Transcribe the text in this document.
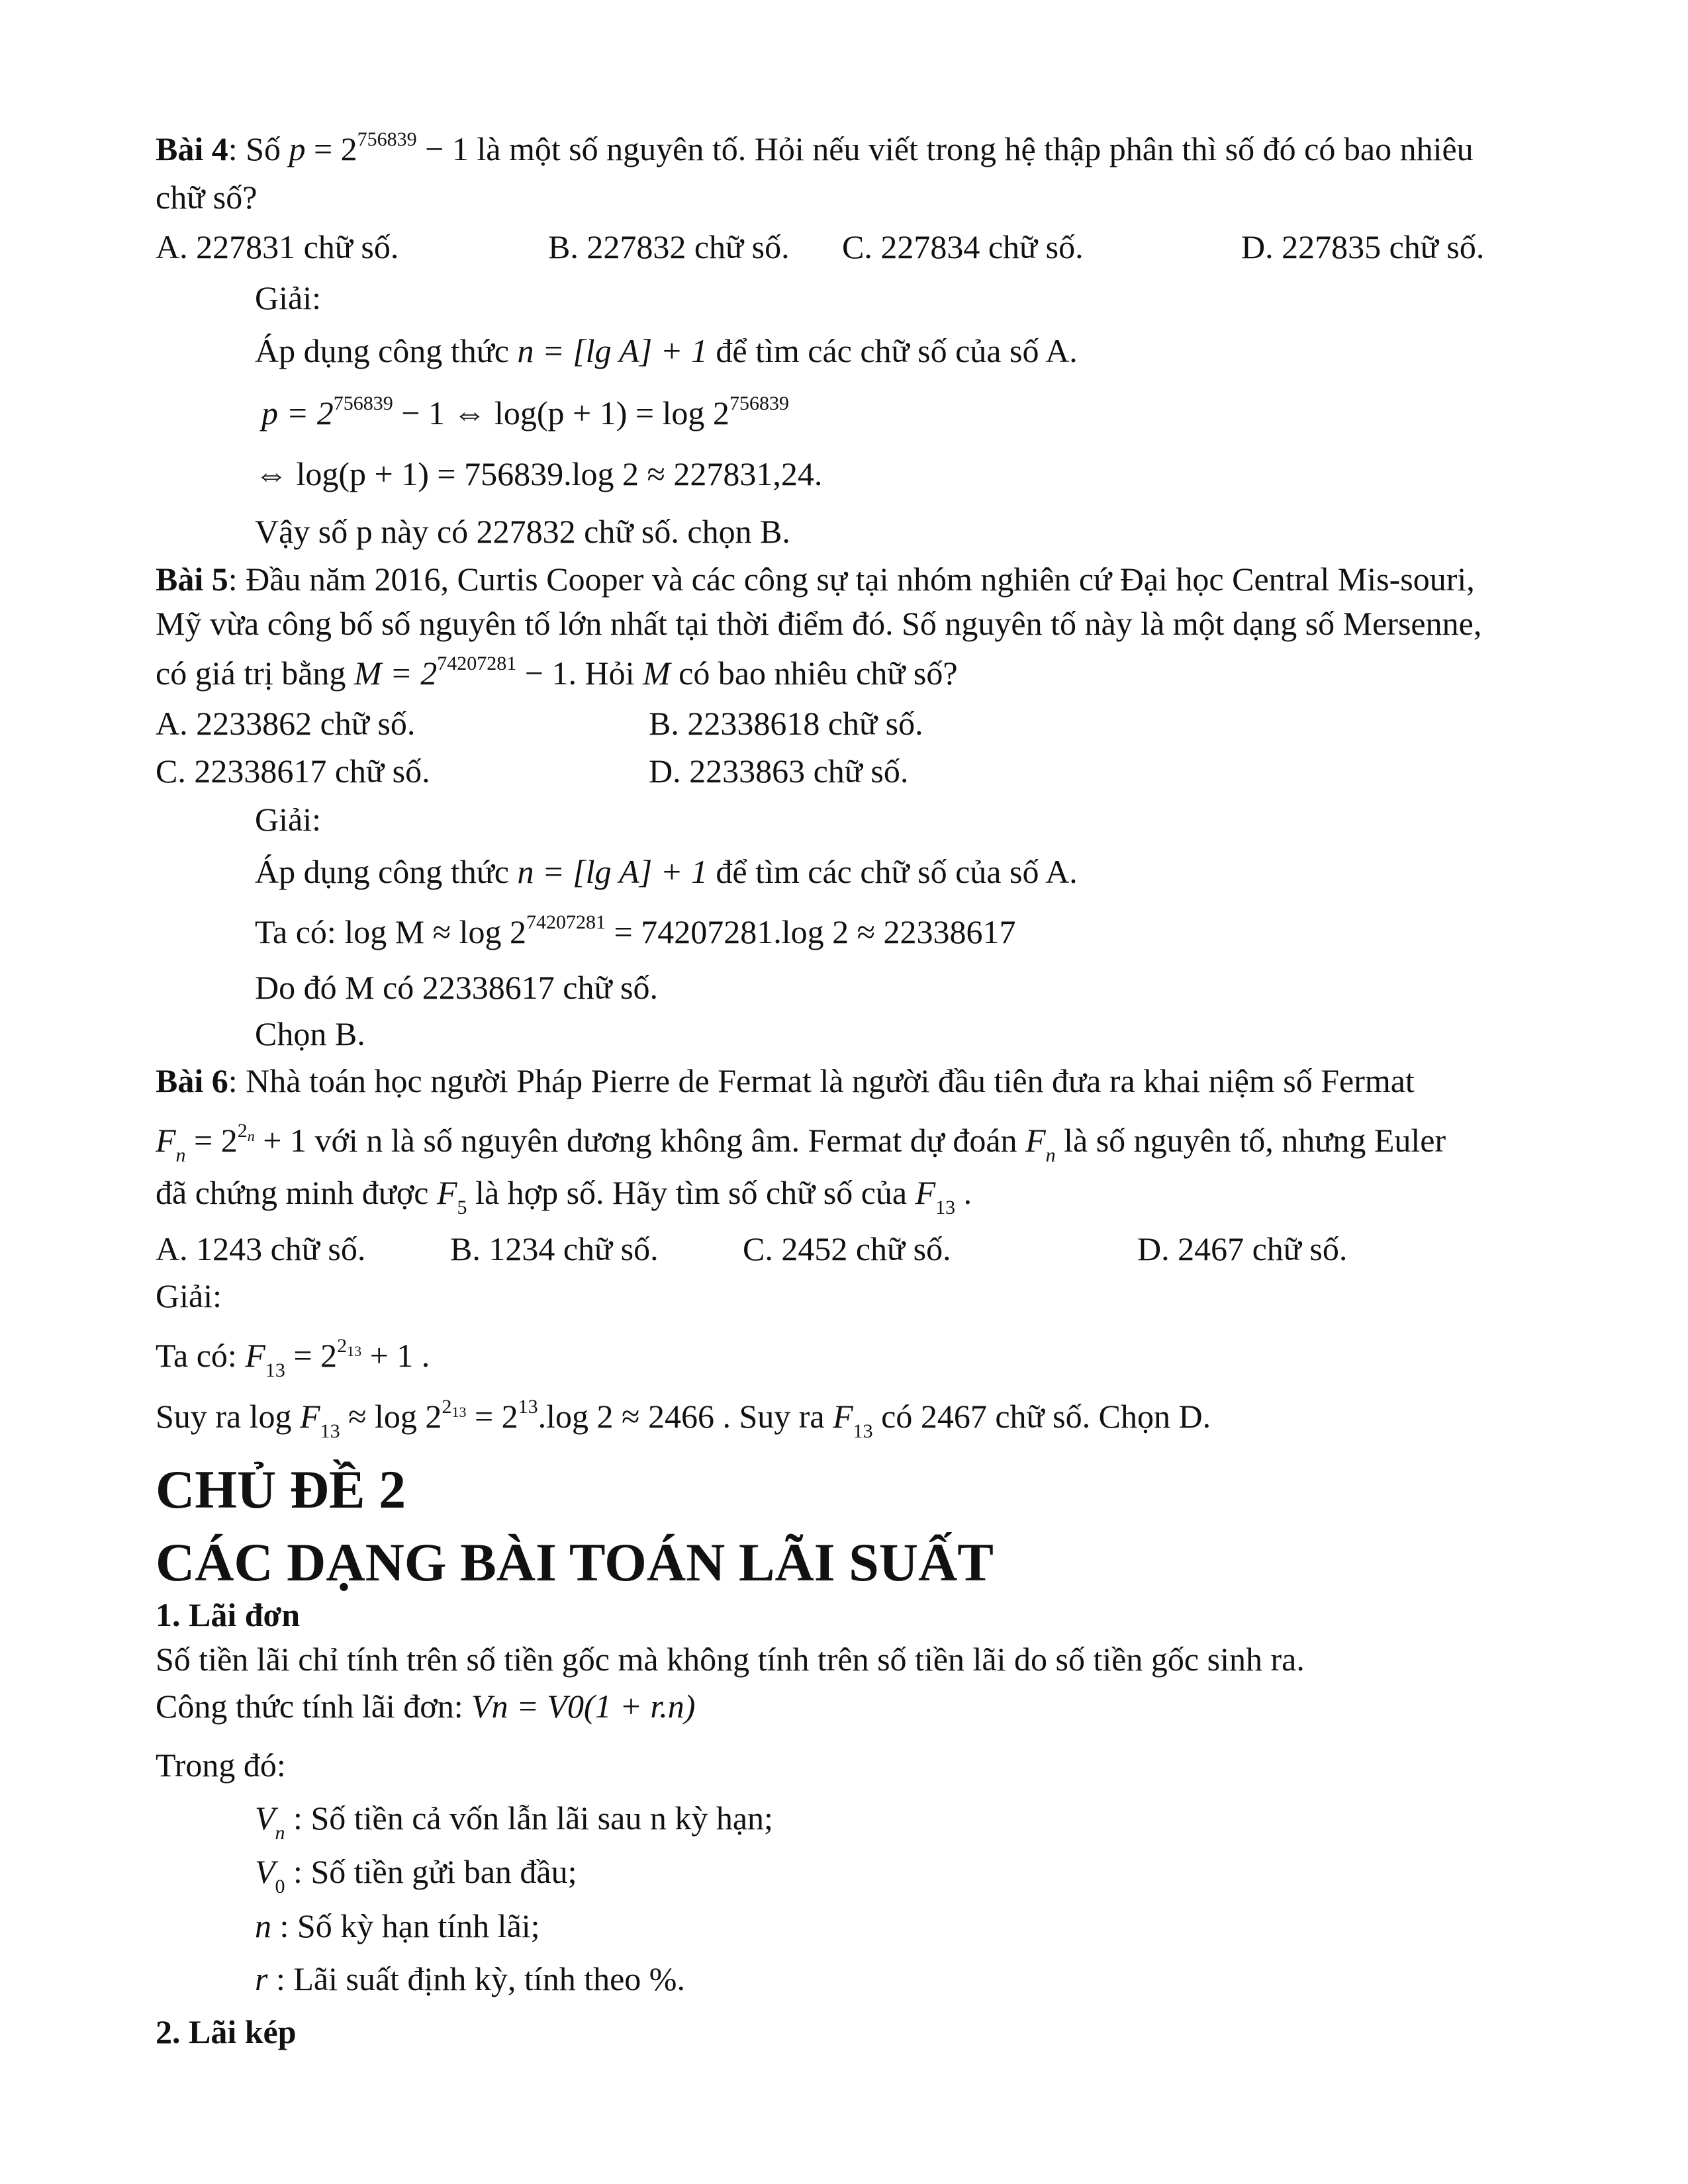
Bài 4: Số $p = 2^{756839} - 1$ là một số nguyên tố. Hỏi nếu viết trong hệ thập phân thì số đó có bao nhiêu
chữ số?
A. 227831 chữ số.	B. 227832 chữ số. C. 227834 chữ số.	D. 227835 chữ số.
Giải:
Áp dụng công thức n = [lg A] + 1 để tìm các chữ số của số A.
$p = 2^{756839} - 1$ ⇔ $\log(p + 1) = \log 2^{756839}$
⇔ log(p + 1) = 756839.log 2 ≈ 227831,24.
Vậy số p này có 227832 chữ số. chọn B.
Bài 5: Đầu năm 2016, Curtis Cooper và các công sự tại nhóm nghiên cứ Đại học Central Mis-souri,
Mỹ vừa công bố số nguyên tố lớn nhất tại thời điểm đó. Số nguyên tố này là một dạng số Mersenne,
có giá trị bằng $M = 2^{74207281} - 1$. Hỏi M có bao nhiêu chữ số?
A. 2233862 chữ số.	B. 22338618 chữ số.
C. 22338617 chữ số.	D. 2233863 chữ số.
Giải:
Áp dụng công thức n = [lg A] + 1 để tìm các chữ số của số A.
Ta có: $\log M \approx \log 2^{74207281} = 74207281.\log$ 2 ≈ 22338617
Do đó M có 22338617 chữ số.
Chọn B.
Bài 6: Nhà toán học người Pháp Pierre de Fermat là người đầu tiên đưa ra khai niệm số Fermat
$F_n = 2^{2n} + 1$ với n là số nguyên dương không âm. Fermat dự đoán $F_n$ là số nguyên tố, nhưng Euler
đã chứng minh được $F_5$ là hợp số. Hãy tìm số chữ số của $F_{13}$ .
A. 1243 chữ số.	B. 1234 chữ số.	C. 2452 chữ số.	D. 2467 chữ số.
Giải:
Ta có: $F_{13} = 2^{213} + 1$ .
Suy ra $\log F_{13} \approx \log 2^{213} = 2^{13}.\log$ 2 ≈ 2466 . Suy ra $F_{13}$ có 2467 chữ số. Chọn D.
CHỦ ĐỀ 2
CÁC DẠNG BÀI TOÁN LÃI SUẤT
1. Lãi đơn
Số tiền lãi chỉ tính trên số tiền gốc mà không tính trên số tiền lãi do số tiền gốc sinh ra.
Công thức tính lãi đơn: Vn = V0(1 + r.n)
Trong đó:
$V_n$ : Số tiền cả vốn lẫn lãi sau n kỳ hạn;
$V_0$ : Số tiền gửi ban đầu;
n : Số kỳ hạn tính lãi;
r : Lãi suất định kỳ, tính theo %.
2. Lãi kép
